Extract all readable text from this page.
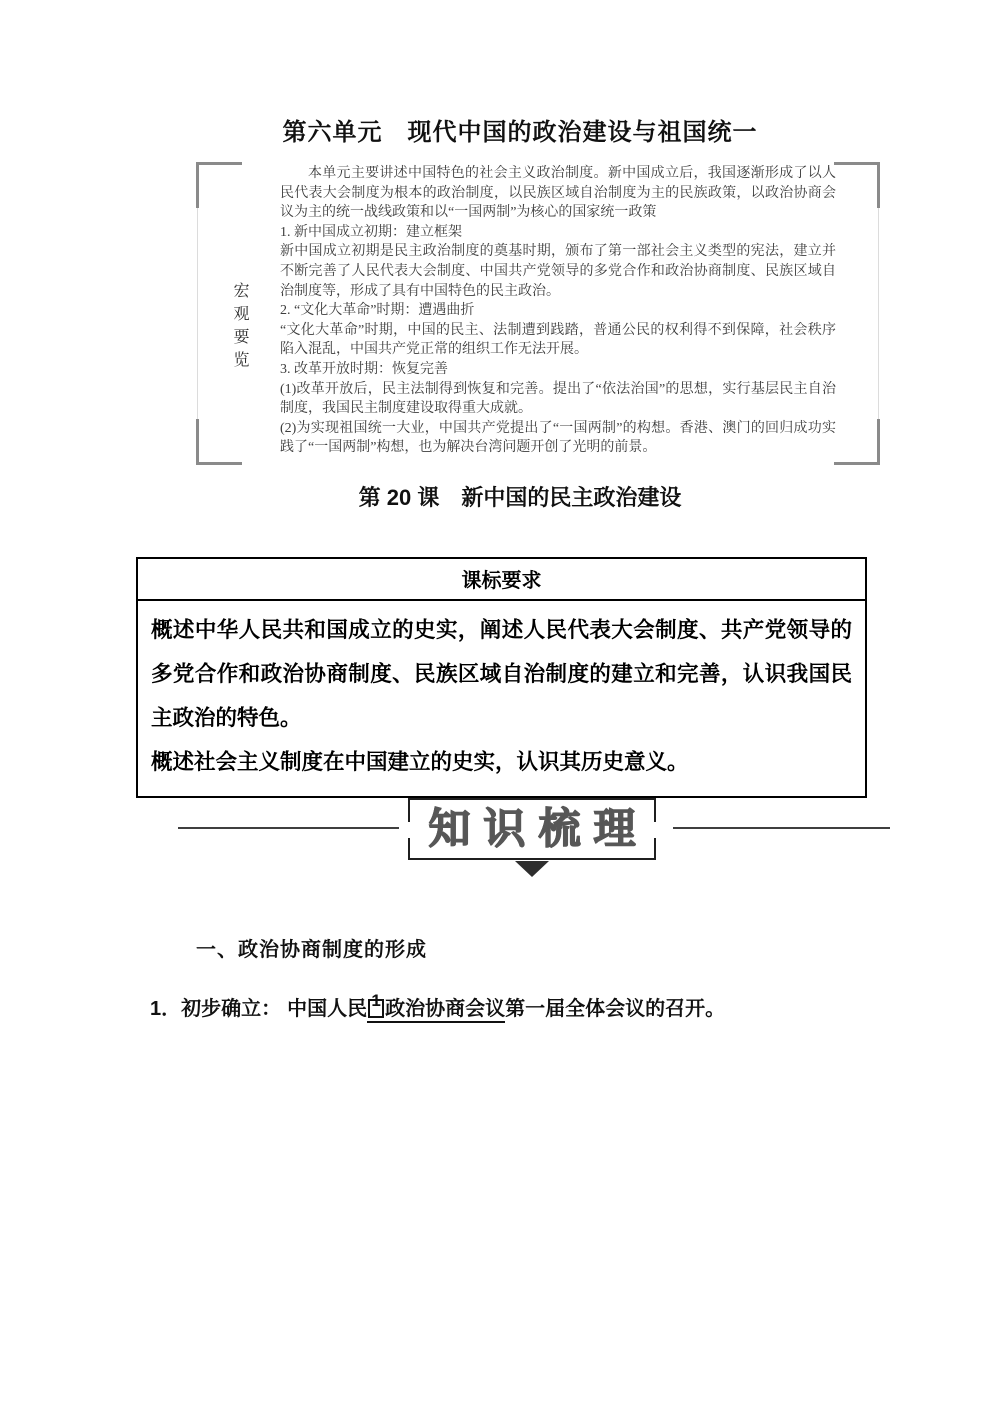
第六单元　现代中国的政治建设与祖国统一
宏观要览

本单元主要讲述中国特色的社会主义政治制度。新中国成立后，我国逐渐形成了以人民代表大会制度为根本的政治制度，以民族区域自治制度为主的民族政策，以政治协商会议为主的统一战线政策和以“一国两制”为核心的国家统一政策

1. 新中国成立初期：建立框架

新中国成立初期是民主政治制度的奠基时期，颁布了第一部社会主义类型的宪法，建立并不断完善了人民代表大会制度、中国共产党领导的多党合作和政治协商制度、民族区域自治制度等，形成了具有中国特色的民主政治。

2. “文化大革命”时期：遭遇曲折

“文化大革命”时期，中国的民主、法制遭到践踏，普通公民的权利得不到保障，社会秩序陷入混乱，中国共产党正常的组织工作无法开展。

3. 改革开放时期：恢复完善

(1)改革开放后，民主法制得到恢复和完善。提出了“依法治国”的思想，实行基层民主自治制度，我国民主制度建设取得重大成就。

(2)为实现祖国统一大业，中国共产党提出了“一国两制”的构想。香港、澳门的回归成功实践了“一国两制”构想，也为解决台湾问题开创了光明的前景。

第 20 课　新中国的民主政治建设
课标要求

概述中华人民共和国成立的史实，阐述人民代表大会制度、共产党领导的多党合作和政治协商制度、民族区域自治制度的建立和完善，认识我国民主政治的特色。

概述社会主义制度在中国建立的史实，认识其历史意义。

知识梳理
一、政治协商制度的形成
1．初步确立： 中国人民 1 政治协商会议第一届全体会议的召开。
